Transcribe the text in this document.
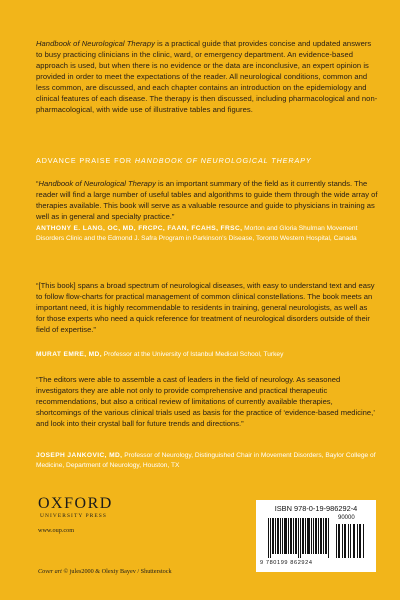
Handbook of Neurological Therapy is a practical guide that provides concise and updated answers to busy practicing clinicians in the clinic, ward, or emergency department. An evidence-based approach is used, but when there is no evidence or the data are inconclusive, an expert opinion is provided in order to meet the expectations of the reader. All neurological conditions, common and less common, are discussed, and each chapter contains an introduction on the epidemiology and clinical features of each disease. The therapy is then discussed, including pharmacological and non-pharmacological, with wide use of illustrative tables and figures.

ADVANCE PRAISE FOR HANDBOOK OF NEUROLOGICAL THERAPY

“Handbook of Neurological Therapy is an important summary of the field as it currently stands. The reader will find a large number of useful tables and algorithms to guide them through the wide array of therapies available. This book will serve as a valuable resource and guide to physicians in training as well as in general and specialty practice.”

ANTHONY E. LANG, OC, MD, FRCPC, FAAN, FCAHS, FRSC, Morton and Gloria Shulman Movement Disorders Clinic and the Edmond J. Safra Program in Parkinson’s Disease, Toronto Western Hospital, Canada

“[This book] spans a broad spectrum of neurological diseases, with easy to understand text and easy to follow flow-charts for practical management of common clinical constellations. The book meets an important need, it is highly recommendable to residents in training, general neurologists, as well as for those experts who need a quick reference for treatment of neurological disorders outside of their field of expertise.”

MURAT EMRE, MD, Professor at the University of Istanbul Medical School, Turkey

“The editors were able to assemble a cast of leaders in the field of neurology. As seasoned investigators they are able not only to provide comprehensive and practical therapeutic recommendations, but also a critical review of limitations of currently available therapies, shortcomings of the various clinical trials used as basis for the practice of ‘evidence-based medicine,’ and look into their crystal ball for future trends and directions.”

JOSEPH JANKOVIC, MD, Professor of Neurology, Distinguished Chair in Movement Disorders, Baylor College of Medicine, Department of Neurology, Houston, TX

OXFORD
UNIVERSITY PRESS
www.oup.com
Cover art © jules2000 & Olexiy Bayev / Shutterstock
ISBN 978-0-19-986292-4
90000
9 780199 862924
